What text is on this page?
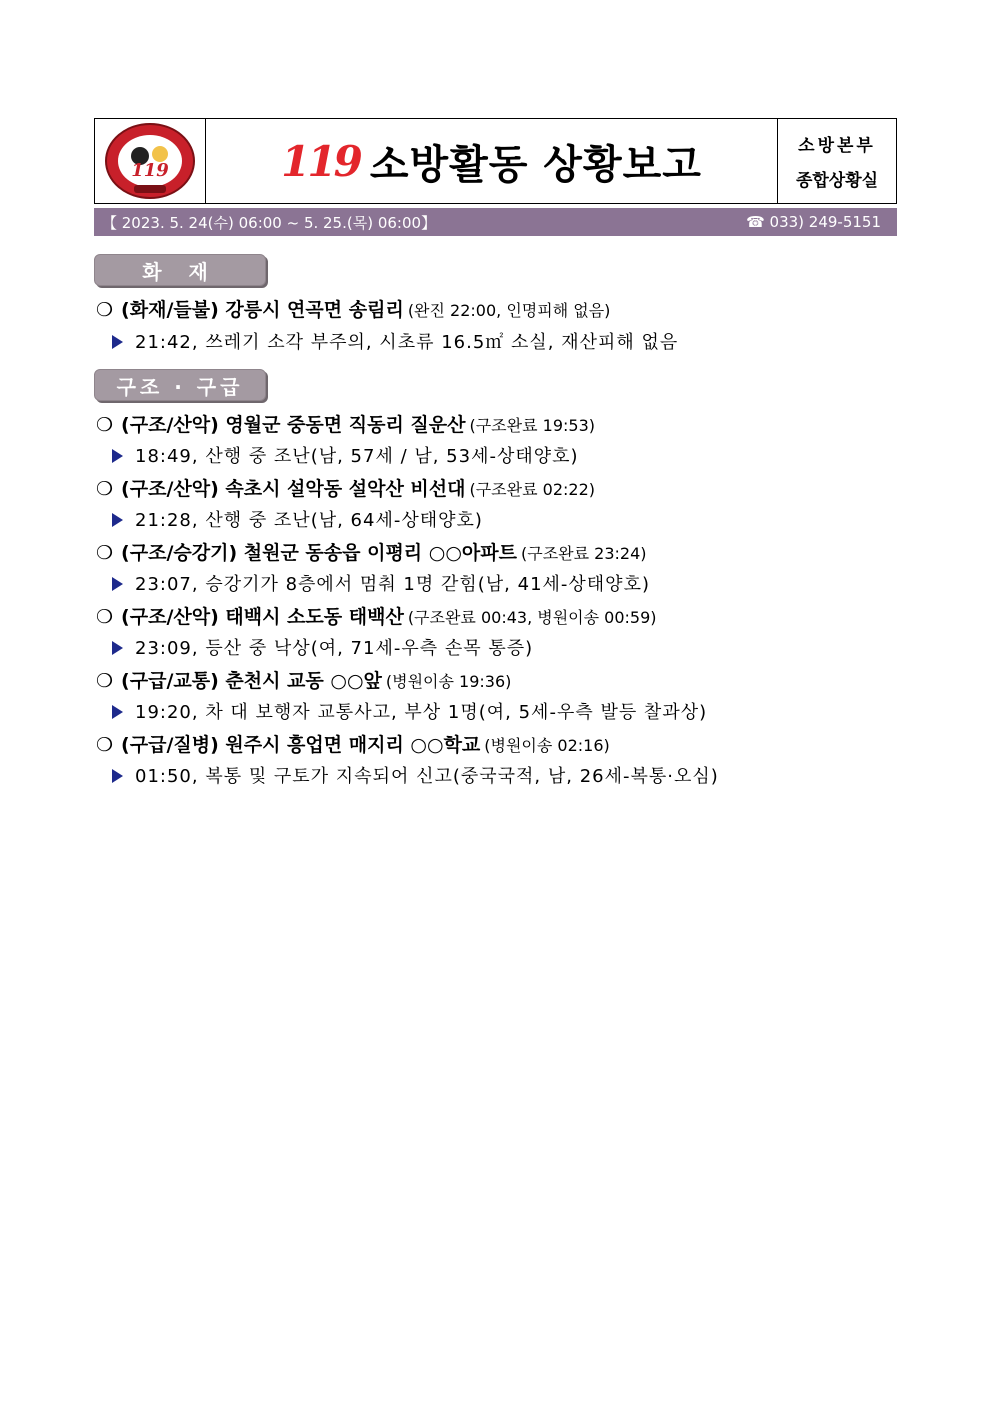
119	119 소방활동 상황보고	소방본부
종합상황실
【 2023. 5. 24(수) 06:00 ~ 5. 25.(목) 06:00】	☎ 033) 249-5151
화 재
❍ (화재/들불) 강릉시 연곡면 송림리 (완진 22:00, 인명피해 없음)
21:42, 쓰레기 소각 부주의, 시초류 16.5㎡ 소실, 재산피해 없음
구조 · 구급
❍ (구조/산악) 영월군 중동면 직동리 질운산 (구조완료 19:53)
18:49, 산행 중 조난(남, 57세 / 남, 53세-상태양호)
❍ (구조/산악) 속초시 설악동 설악산 비선대 (구조완료 02:22)
21:28, 산행 중 조난(남, 64세-상태양호)
❍ (구조/승강기) 철원군 동송읍 이평리 ○○아파트 (구조완료 23:24)
23:07, 승강기가 8층에서 멈춰 1명 갇힘(남, 41세-상태양호)
❍ (구조/산악) 태백시 소도동 태백산 (구조완료 00:43, 병원이송 00:59)
23:09, 등산 중 낙상(여, 71세-우측 손목 통증)
❍ (구급/교통) 춘천시 교동 ○○앞 (병원이송 19:36)
19:20, 차 대 보행자 교통사고, 부상 1명(여, 5세-우측 발등 찰과상)
❍ (구급/질병) 원주시 흥업면 매지리 ○○학교 (병원이송 02:16)
01:50, 복통 및 구토가 지속되어 신고(중국국적, 남, 26세-복통·오심)
